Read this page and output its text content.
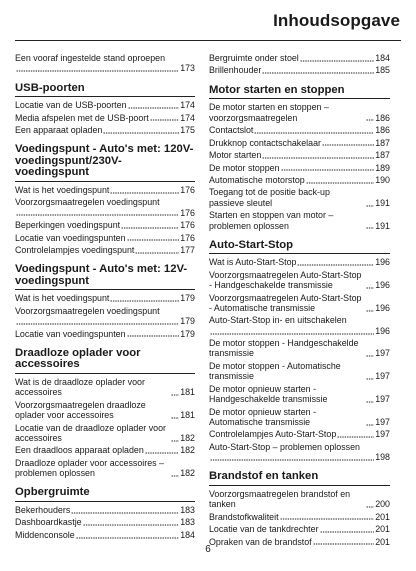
Inhoudsopgave
Een vooraf ingestelde stand oproepen
173
USB-poorten
Locatie van de USB-poorten	174
Media afspelen met de USB-poort	174
Een apparaat opladen	175
Voedingspunt - Auto's met: 120V-voedingspunt/230V-voedingspunt
Wat is het voedingspunt	176
Voorzorgsmaatregelen voedingspunt
176
Beperkingen voedingspunt	176
Locatie van voedingspunten	176
Controlelampjes voedingspunt	177
Voedingspunt - Auto's met: 12V-voedingspunt
Wat is het voedingspunt	179
Voorzorgsmaatregelen voedingspunt
179
Locatie van voedingspunten	179
Draadloze oplader voor accessoires
Wat is de draadloze oplader voor accessoires	181
Voorzorgsmaatregelen draadloze oplader voor accessoires	181
Locatie van de draadloze oplader voor accessoires	182
Een draadloos apparaat opladen	182
Draadloze oplader voor accessoires – problemen oplossen	182
Opbergruimte
Bekerhouders	183
Dashboardkastje	183
Middenconsole	184
Bergruimte onder stoel	184
Brillenhouder	185
Motor starten en stoppen
De motor starten en stoppen – voorzorgsmaatregelen	186
Contactslot	186
Drukknop contactschakelaar	187
Motor starten	187
De motor stoppen	189
Automatische motorstop	190
Toegang tot de positie back-up passieve sleutel	191
Starten en stoppen van motor – problemen oplossen	191
Auto-Start-Stop
Wat is Auto-Start-Stop	196
Voorzorgsmaatregelen Auto-Start-Stop - Handgeschakelde transmissie	196
Voorzorgsmaatregelen Auto-Start-Stop - Automatische transmissie	196
Auto-Start-Stop in- en uitschakelen
196
De motor stoppen - Handgeschakelde transmissie	197
De motor stoppen - Automatische transmissie	197
De motor opnieuw starten - Handgeschakelde transmissie	197
De motor opnieuw starten - Automatische transmissie	197
Controlelampjes Auto-Start-Stop	197
Auto-Start-Stop – problemen oplossen
198
Brandstof en tanken
Voorzorgsmaatregelen brandstof en tanken	200
Brandstofkwaliteit	201
Locatie van de tankdrechter	201
Opraken van de brandstof	201
6
